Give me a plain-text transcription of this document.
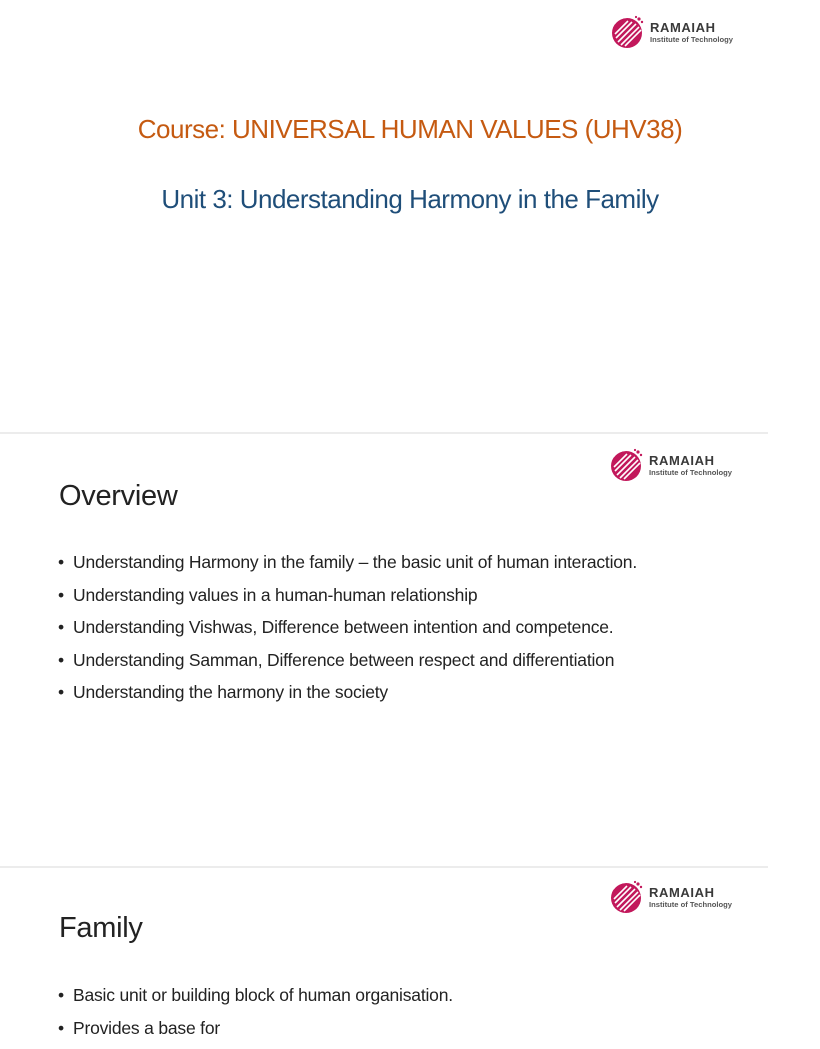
RAMAIAH
Institute of Technology
Course: UNIVERSAL HUMAN VALUES (UHV38)
Unit 3: Understanding Harmony in the Family
RAMAIAH
Institute of Technology
Overview
• Understanding Harmony in the family – the basic unit of human interaction.
• Understanding values in a human-human relationship
• Understanding Vishwas, Difference between intention and competence.
• Understanding Samman, Difference between respect and differentiation
• Understanding the harmony in the society
RAMAIAH
Institute of Technology
Family
• Basic unit or building block of human organisation.
• Provides a base for
